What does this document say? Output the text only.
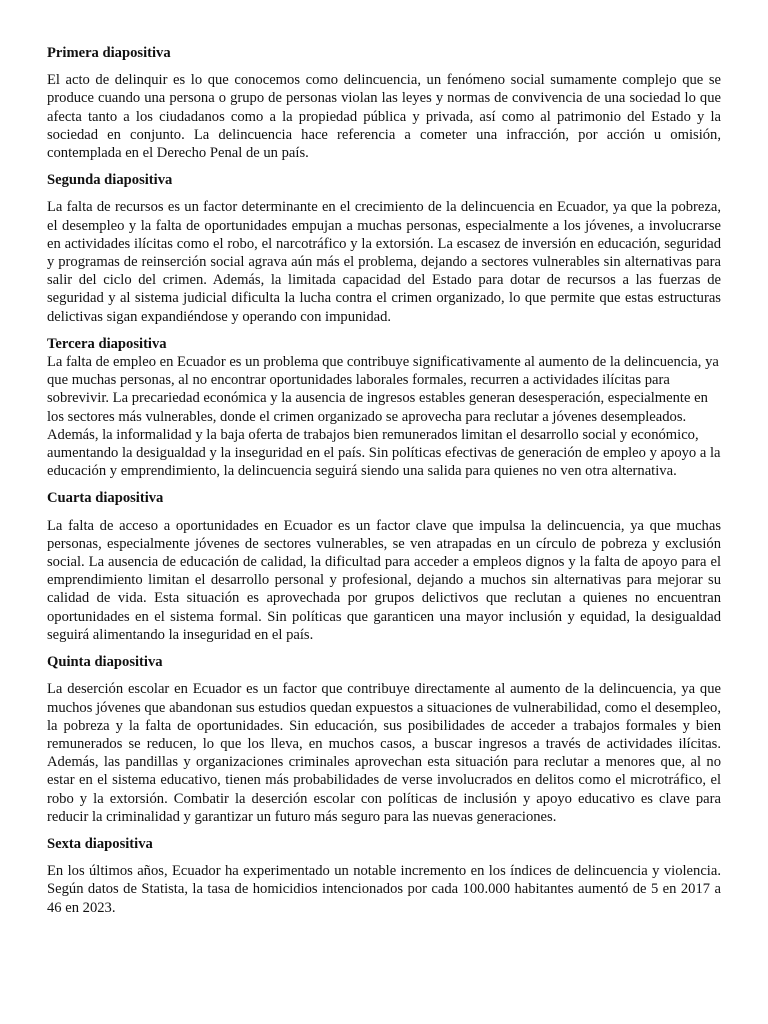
Primera diapositiva

El acto de delinquir es lo que conocemos como delincuencia, un fenómeno social sumamente complejo que se produce cuando una persona o grupo de personas violan las leyes y normas de convivencia de una sociedad lo que afecta tanto a los ciudadanos como a la propiedad pública y privada, así como al patrimonio del Estado y la sociedad en conjunto. La delincuencia hace referencia a cometer una infracción, por acción u omisión, contemplada en el Derecho Penal de un país.

Segunda diapositiva

La falta de recursos es un factor determinante en el crecimiento de la delincuencia en Ecuador, ya que la pobreza, el desempleo y la falta de oportunidades empujan a muchas personas, especialmente a los jóvenes, a involucrarse en actividades ilícitas como el robo, el narcotráfico y la extorsión. La escasez de inversión en educación, seguridad y programas de reinserción social agrava aún más el problema, dejando a sectores vulnerables sin alternativas para salir del ciclo del crimen. Además, la limitada capacidad del Estado para dotar de recursos a las fuerzas de seguridad y al sistema judicial dificulta la lucha contra el crimen organizado, lo que permite que estas estructuras delictivas sigan expandiéndose y operando con impunidad.

Tercera diapositiva

La falta de empleo en Ecuador es un problema que contribuye significativamente al aumento de la delincuencia, ya que muchas personas, al no encontrar oportunidades laborales formales, recurren a actividades ilícitas para sobrevivir. La precariedad económica y la ausencia de ingresos estables generan desesperación, especialmente en los sectores más vulnerables, donde el crimen organizado se aprovecha para reclutar a jóvenes desempleados. Además, la informalidad y la baja oferta de trabajos bien remunerados limitan el desarrollo social y económico, aumentando la desigualdad y la inseguridad en el país. Sin políticas efectivas de generación de empleo y apoyo a la educación y emprendimiento, la delincuencia seguirá siendo una salida para quienes no ven otra alternativa.

Cuarta diapositiva

La falta de acceso a oportunidades en Ecuador es un factor clave que impulsa la delincuencia, ya que muchas personas, especialmente jóvenes de sectores vulnerables, se ven atrapadas en un círculo de pobreza y exclusión social. La ausencia de educación de calidad, la dificultad para acceder a empleos dignos y la falta de apoyo para el emprendimiento limitan el desarrollo personal y profesional, dejando a muchos sin alternativas para mejorar su calidad de vida. Esta situación es aprovechada por grupos delictivos que reclutan a quienes no encuentran oportunidades en el sistema formal. Sin políticas que garanticen una mayor inclusión y equidad, la desigualdad seguirá alimentando la inseguridad en el país.

Quinta diapositiva

La deserción escolar en Ecuador es un factor que contribuye directamente al aumento de la delincuencia, ya que muchos jóvenes que abandonan sus estudios quedan expuestos a situaciones de vulnerabilidad, como el desempleo, la pobreza y la falta de oportunidades. Sin educación, sus posibilidades de acceder a trabajos formales y bien remunerados se reducen, lo que los lleva, en muchos casos, a buscar ingresos a través de actividades ilícitas. Además, las pandillas y organizaciones criminales aprovechan esta situación para reclutar a menores que, al no estar en el sistema educativo, tienen más probabilidades de verse involucrados en delitos como el microtráfico, el robo y la extorsión. Combatir la deserción escolar con políticas de inclusión y apoyo educativo es clave para reducir la criminalidad y garantizar un futuro más seguro para las nuevas generaciones.

Sexta diapositiva

En los últimos años, Ecuador ha experimentado un notable incremento en los índices de delincuencia y violencia. Según datos de Statista, la tasa de homicidios intencionados por cada 100.000 habitantes aumentó de 5 en 2017 a 46 en 2023.
